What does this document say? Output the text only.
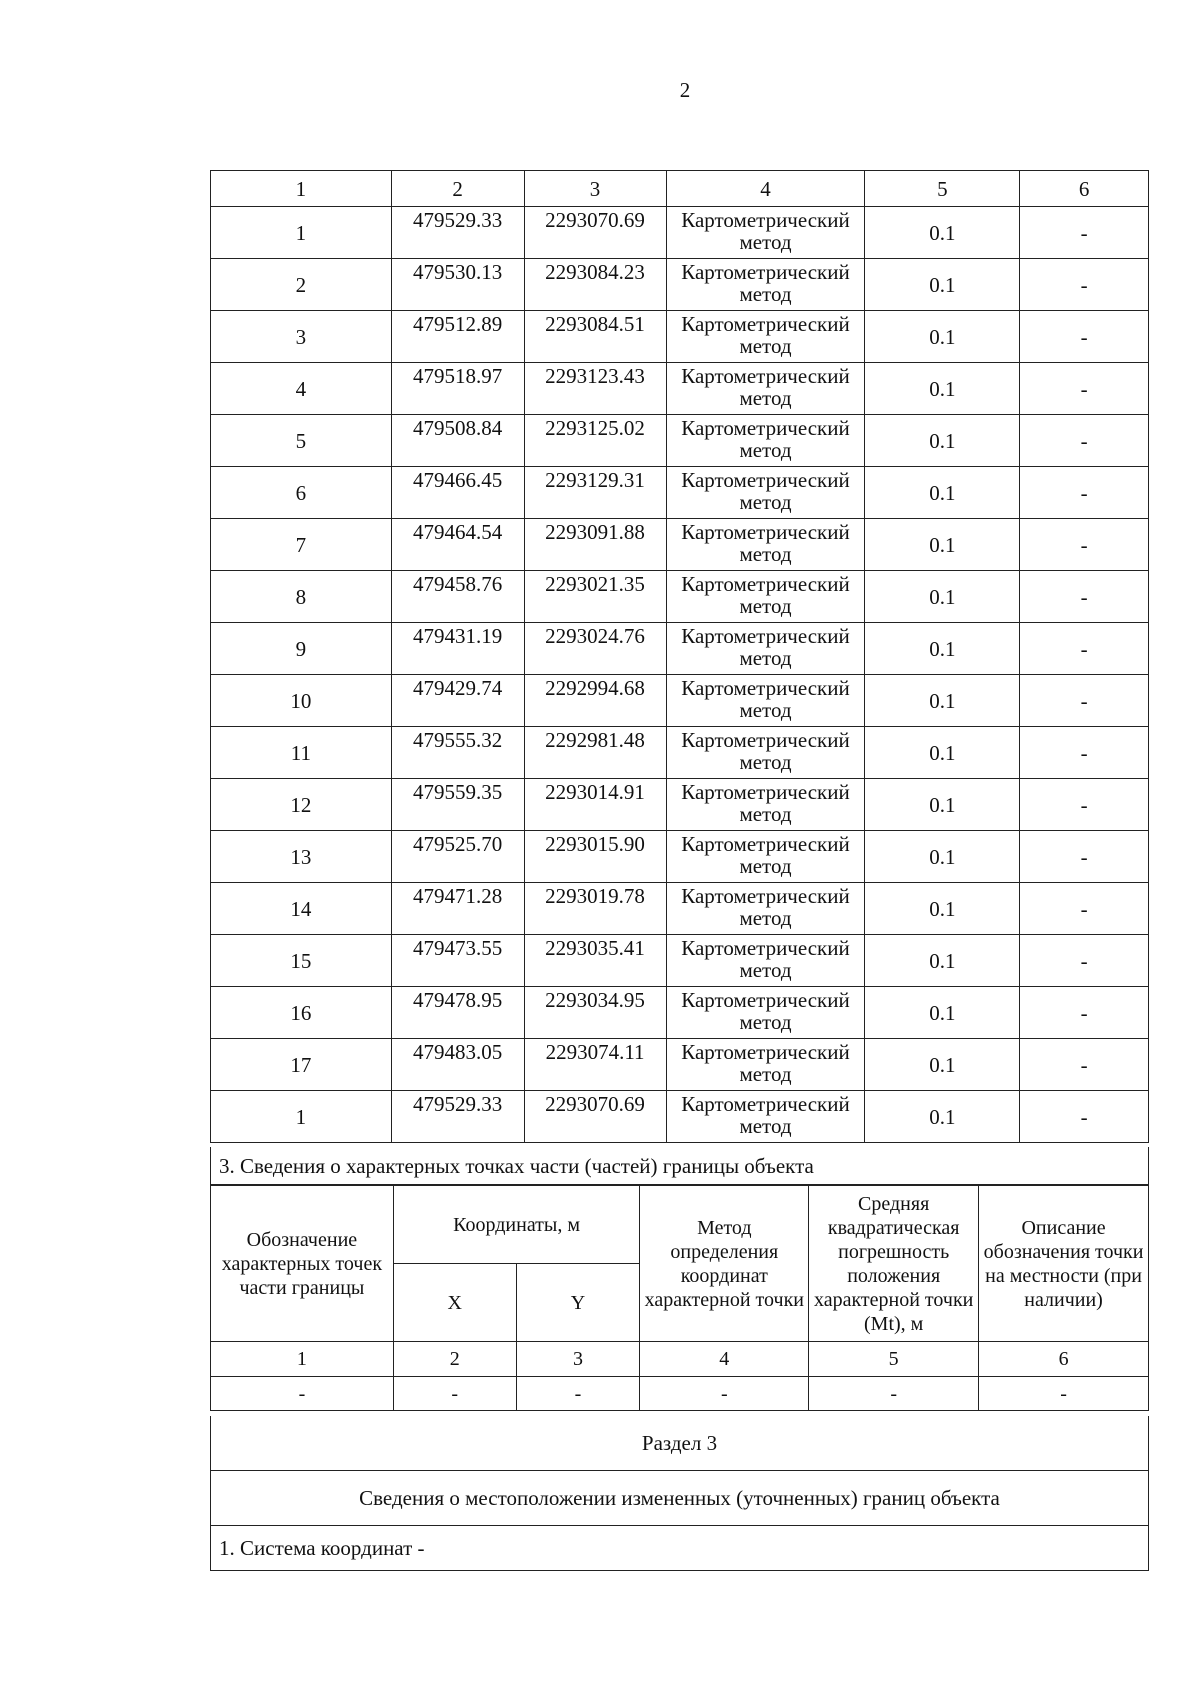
2
1	2	3	4	5	6
1	479529.33	2293070.69	Картометрический метод	0.1	-
2	479530.13	2293084.23	Картометрический метод	0.1	-
3	479512.89	2293084.51	Картометрический метод	0.1	-
4	479518.97	2293123.43	Картометрический метод	0.1	-
5	479508.84	2293125.02	Картометрический метод	0.1	-
6	479466.45	2293129.31	Картометрический метод	0.1	-
7	479464.54	2293091.88	Картометрический метод	0.1	-
8	479458.76	2293021.35	Картометрический метод	0.1	-
9	479431.19	2293024.76	Картометрический метод	0.1	-
10	479429.74	2292994.68	Картометрический метод	0.1	-
11	479555.32	2292981.48	Картометрический метод	0.1	-
12	479559.35	2293014.91	Картометрический метод	0.1	-
13	479525.70	2293015.90	Картометрический метод	0.1	-
14	479471.28	2293019.78	Картометрический метод	0.1	-
15	479473.55	2293035.41	Картометрический метод	0.1	-
16	479478.95	2293034.95	Картометрический метод	0.1	-
17	479483.05	2293074.11	Картометрический метод	0.1	-
1	479529.33	2293070.69	Картометрический метод	0.1	-
3. Сведения о характерных точках части (частей) границы объекта
Обозначение характерных точек части границы	Координаты, м		Метод определения координат характерной точки	Средняя квадратическая погрешность положения характерной точки (Mt), м	Описание обозначения точки на местности (при наличии)
	X	Y			
1	2	3	4	5	6
-	-	-	-	-	-
Раздел 3
Сведения о местоположении измененных (уточненных) границ объекта
1. Система координат -
